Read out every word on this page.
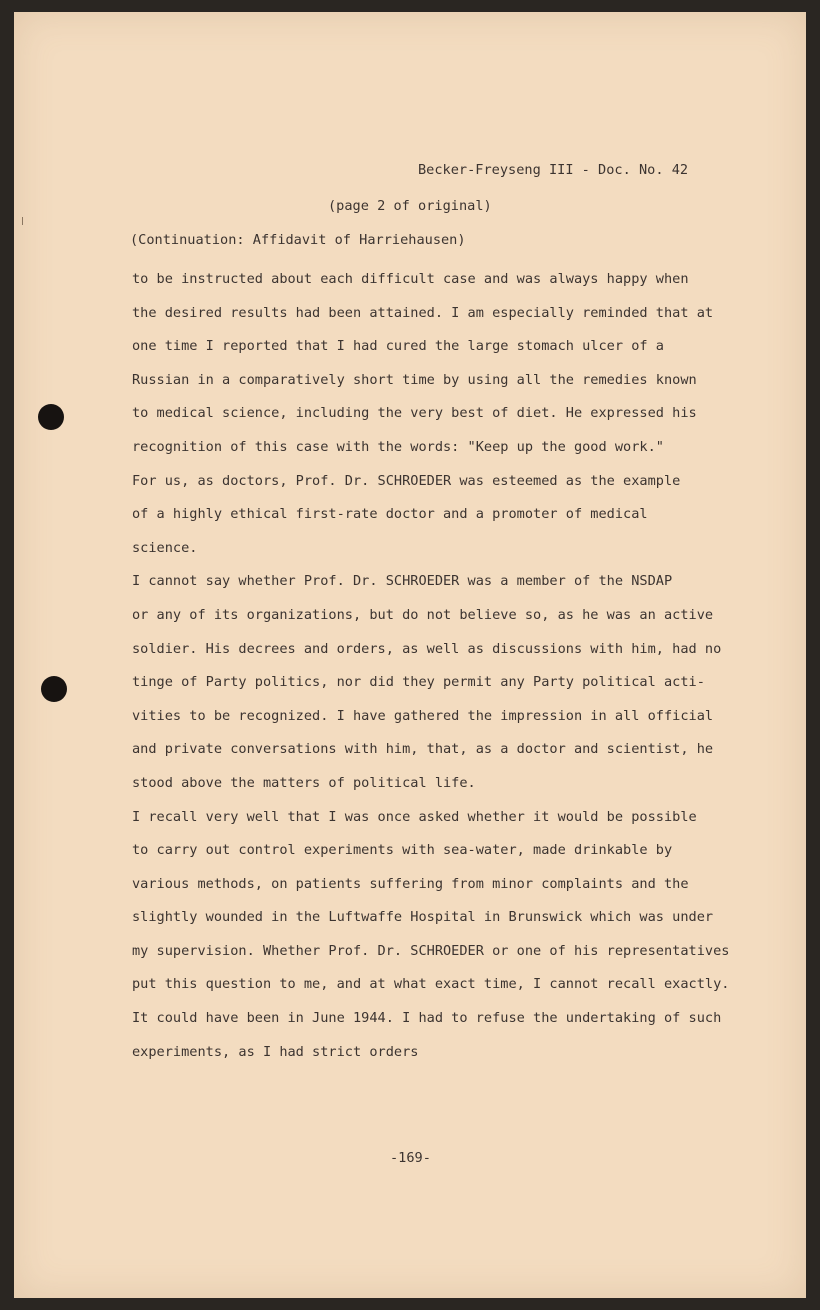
Becker-Freyseng III - Doc. No. 42
(page 2 of original)
(Continuation: Affidavit of Harriehausen)
to be instructed about each difficult case and was always happy when
the desired results had been attained. I am especially reminded that at
one time I reported that I had cured the large stomach ulcer of a
Russian in a comparatively short time by using all the remedies known
to medical science, including the very best of diet. He expressed his
recognition of this case with the words: "Keep up the good work."
For us, as doctors, Prof. Dr. SCHROEDER was esteemed as the example
of a highly ethical first-rate doctor and a promoter of medical
science.
I cannot say whether Prof. Dr. SCHROEDER was a member of the NSDAP
or any of its organizations, but do not believe so, as he was an active
soldier. His decrees and orders, as well as discussions with him, had no
tinge of Party politics, nor did they permit any Party political acti-
vities to be recognized. I have gathered the impression in all official
and private conversations with him, that, as a doctor and scientist, he
stood above the matters of political life.
I recall very well that I was once asked whether it would be possible
to carry out control experiments with sea-water, made drinkable by
various methods, on patients suffering from minor complaints and the
slightly wounded in the Luftwaffe Hospital in Brunswick which was under
my supervision. Whether Prof. Dr. SCHROEDER or one of his representatives
put this question to me, and at what exact time, I cannot recall exactly.
It could have been in June 1944. I had to refuse the undertaking of such
experiments, as I had strict orders
-169-
